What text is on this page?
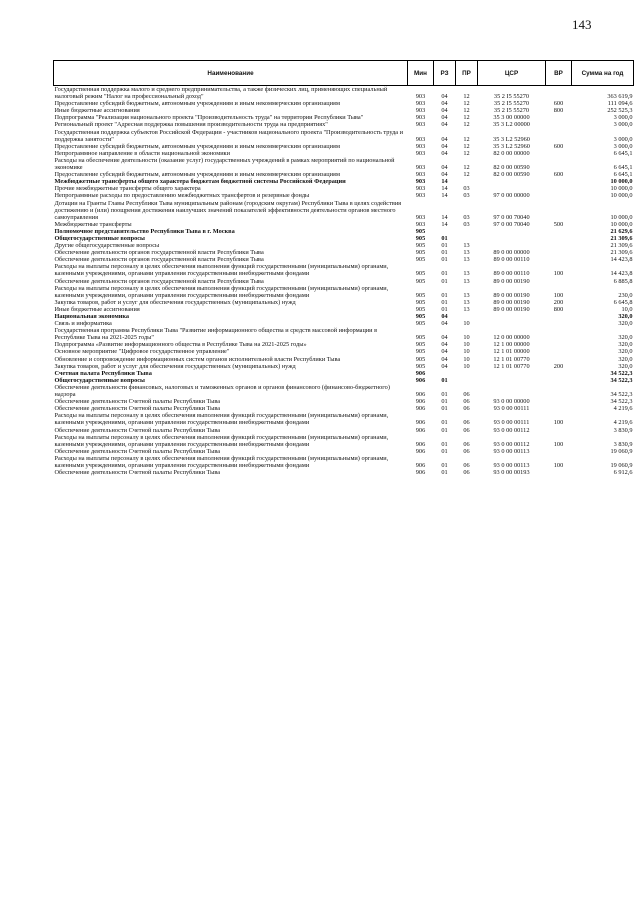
143
Наименование	Мин	РЗ	ПР	ЦСР	ВР	Сумма на год
Государственная поддержка малого и среднего предпринимательства, а также физических лиц, применяющих специальный налоговый режим "Налог на профессиональный доход"	903	04	12	35 2 I5 55270		363 619,9
Предоставление субсидий бюджетным, автономным учреждениям и иным некоммерческим организациям	903	04	12	35 2 I5 55270	600	111 094,6
Иные бюджетные ассигнования	903	04	12	35 2 I5 55270	800	252 525,3
Подпрограмма "Реализация национального проекта "Производительность труда" на территории Республики Тыва"	903	04	12	35 3 00 00000		3 000,0
Региональный проект "Адресная поддержка повышения производительности труда на предприятиях"	903	04	12	35 3 L2 00000		3 000,0
Государственная поддержка субъектов Российской Федерации - участников национального проекта "Производительность труда и поддержка занятости"	903	04	12	35 3 L2 52960		3 000,0
Предоставление субсидий бюджетным, автономным учреждениям и иным некоммерческим организациям	903	04	12	35 3 L2 52960	600	3 000,0
Непрограммное направление в области национальной экономики	903	04	12	82 0 00 00000		6 645,1
Расходы на обеспечение деятельности (оказание услуг) государственных учреждений в рамках мероприятий по национальной экономике	903	04	12	82 0 00 00590		6 645,1
Предоставление субсидий бюджетным, автономным учреждениям и иным некоммерческим организациям	903	04	12	82 0 00 00590	600	6 645,1
Межбюджетные трансферты общего характера бюджетам бюджетной системы Российской Федерации	903	14				10 000,0
Прочие межбюджетные трансферты общего характера	903	14	03			10 000,0
Непрограммные расходы по предоставлению межбюджетных трансфертов и резервные фонды	903	14	03	97 0 00 00000		10 000,0
Дотации на Гранты Главы Республики Тыва муниципальным районам (городским округам) Республики Тыва в целях содействия достижению и (или) поощрения достижения наилучших значений показателей эффективности деятельности органов местного самоуправления	903	14	03	97 0 00 70040		10 000,0
Межбюджетные трансферты	903	14	03	97 0 00 70040	500	10 000,0
Полномочное представительство Республики Тыва в г. Москва	905					21 629,6
Общегосударственные вопросы	905	01				21 309,6
Другие общегосударственные вопросы	905	01	13			21 309,6
Обеспечение деятельности органов государственной власти Республики Тыва	905	01	13	89 0 00 00000		21 309,6
Обеспечение деятельности органов государственной власти Республики Тыва	905	01	13	89 0 00 00110		14 423,8
Расходы на выплаты персоналу в целях обеспечения выполнения функций государственными (муниципальными) органами, казенными учреждениями, органами управления государственными внебюджетными фондами	905	01	13	89 0 00 00110	100	14 423,8
Обеспечение деятельности органов государственной власти Республики Тыва	905	01	13	89 0 00 00190		6 885,8
Расходы на выплаты персоналу в целях обеспечения выполнения функций государственными (муниципальными) органами, казенными учреждениями, органами управления государственными внебюджетными фондами	905	01	13	89 0 00 00190	100	230,0
Закупка товаров, работ и услуг для обеспечения государственных (муниципальных) нужд	905	01	13	89 0 00 00190	200	6 645,8
Иные бюджетные ассигнования	905	01	13	89 0 00 00190	800	10,0
Национальная экономика	905	04				320,0
Связь и информатика	905	04	10			320,0
Государственная программа Республики Тыва "Развитие информационного общества и средств массовой информации в Республике Тыва на 2021-2025 годы"	905	04	10	12 0 00 00000		320,0
Подпрограмма «Развитие информационного общества в Республике Тыва на 2021-2025 годы»	905	04	10	12 1 00 00000		320,0
Основное мероприятие "Цифровое государственное управление"	905	04	10	12 1 01 00000		320,0
Обновление и сопровождение информационных систем органов исполнительной власти Республики Тыва	905	04	10	12 1 01 00770		320,0
Закупка товаров, работ и услуг для обеспечения государственных (муниципальных) нужд	905	04	10	12 1 01 00770	200	320,0
Счетная палата Республики Тыва	906					34 522,3
Общегосударственные вопросы	906	01				34 522,3
Обеспечение деятельности финансовых, налоговых и таможенных органов и органов финансового (финансово-бюджетного) надзора	906	01	06			34 522,3
Обеспечение деятельности Счетной палаты Республики Тыва	906	01	06	93 0 00 00000		34 522,3
Обеспечение деятельности Счетной палаты Республики Тыва	906	01	06	93 0 00 00111		4 219,6
Расходы на выплаты персоналу в целях обеспечения выполнения функций государственными (муниципальными) органами, казенными учреждениями, органами управления государственными внебюджетными фондами	906	01	06	93 0 00 00111	100	4 219,6
Обеспечение деятельности Счетной палаты Республики Тыва	906	01	06	93 0 00 00112		3 830,9
Расходы на выплаты персоналу в целях обеспечения выполнения функций государственными (муниципальными) органами, казенными учреждениями, органами управления государственными внебюджетными фондами	906	01	06	93 0 00 00112	100	3 830,9
Обеспечение деятельности Счетной палаты Республики Тыва	906	01	06	93 0 00 00113		19 060,9
Расходы на выплаты персоналу в целях обеспечения выполнения функций государственными (муниципальными) органами, казенными учреждениями, органами управления государственными внебюджетными фондами	906	01	06	93 0 00 00113	100	19 060,9
Обеспечение деятельности Счетной палаты Республики Тыва	906	01	06	93 0 00 00193		6 912,6
